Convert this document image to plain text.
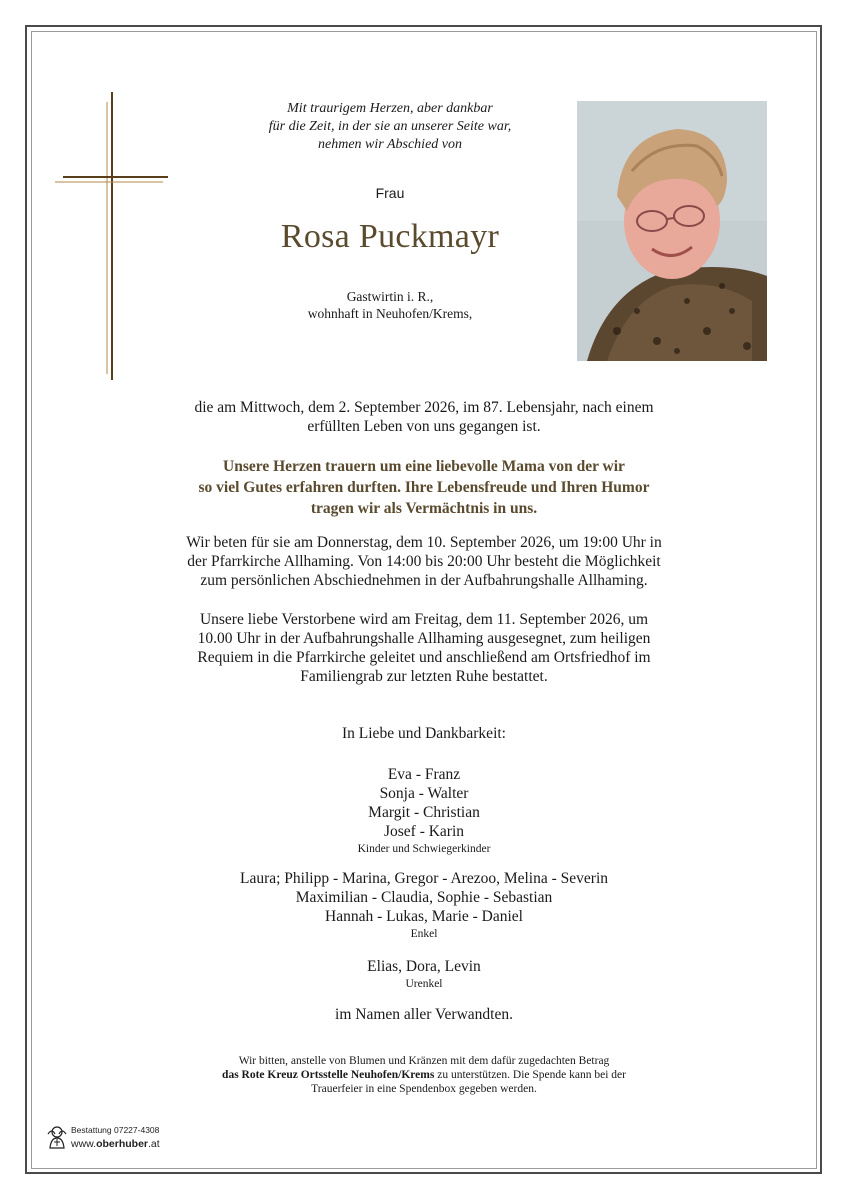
Mit traurigem Herzen, aber dankbar
für die Zeit, in der sie an unserer Seite war,
nehmen wir Abschied von
Frau
Rosa Puckmayr
Gastwirtin i. R.,
wohnhaft in Neuhofen/Krems,
die am Mittwoch, dem 2. September 2026, im 87. Lebensjahr, nach einem
erfüllten Leben von uns gegangen ist.
Unsere Herzen trauern um eine liebevolle Mama von der wir
so viel Gutes erfahren durften. Ihre Lebensfreude und Ihren Humor
tragen wir als Vermächtnis in uns.
Wir beten für sie am Donnerstag, dem 10. September 2026, um 19:00 Uhr in
der Pfarrkirche Allhaming. Von 14:00 bis 20:00 Uhr besteht die Möglichkeit
zum persönlichen Abschiednehmen in der Aufbahrungshalle Allhaming.
Unsere liebe Verstorbene wird am Freitag, dem 11. September 2026, um
10.00 Uhr in der Aufbahrungshalle Allhaming ausgesegnet, zum heiligen
Requiem in die Pfarrkirche geleitet und anschließend am Ortsfriedhof im
Familiengrab zur letzten Ruhe bestattet.
In Liebe und Dankbarkeit:
Eva - Franz
Sonja - Walter
Margit - Christian
Josef - Karin
Kinder und Schwiegerkinder
Laura; Philipp - Marina, Gregor - Arezoo, Melina - Severin
Maximilian - Claudia, Sophie - Sebastian
Hannah - Lukas, Marie - Daniel
Enkel
Elias, Dora, Levin
Urenkel
im Namen aller Verwandten.
Wir bitten, anstelle von Blumen und Kränzen mit dem dafür zugedachten Betrag
das Rote Kreuz Ortsstelle Neuhofen/Krems zu unterstützen. Die Spende kann bei der
Trauerfeier in eine Spendenbox gegeben werden.
Bestattung 07227-4308
www.oberhuber.at
